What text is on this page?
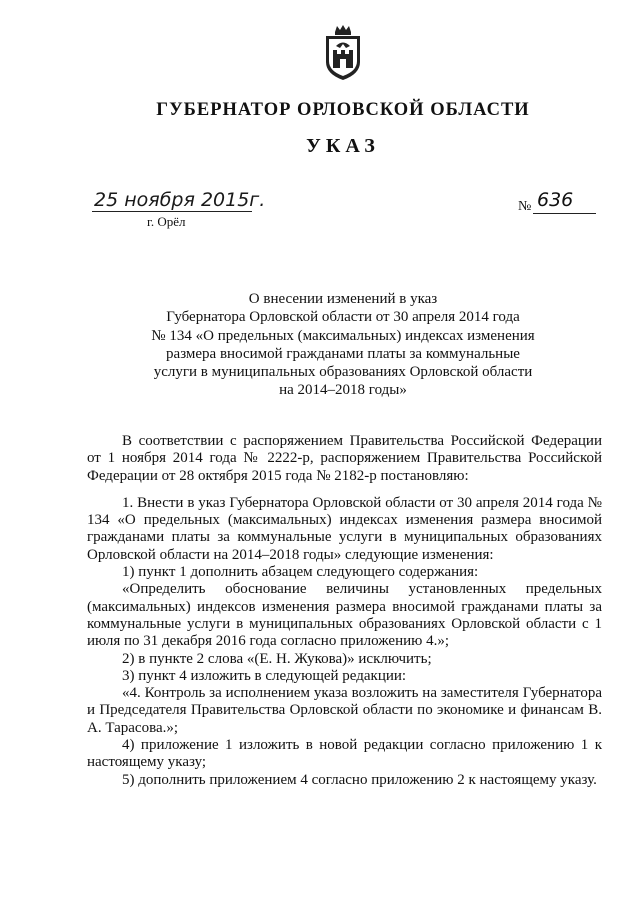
ГУБЕРНАТОР ОРЛОВСКОЙ ОБЛАСТИ
УКАЗ
25 ноября 2015г.
г. Орёл
№ 636
О внесении изменений в указ
Губернатора Орловской области от 30 апреля 2014 года
№ 134 «О предельных (максимальных) индексах изменения
размера вносимой гражданами платы за коммунальные
услуги в муниципальных образованиях Орловской области
на 2014–2018 годы»

В соответствии с распоряжением Правительства Российской Федерации от 1 ноября 2014 года № 2222-р, распоряжением Правительства Российской Федерации от 28 октября 2015 года № 2182-р постановляю:

1. Внести в указ Губернатора Орловской области от 30 апреля 2014 года № 134 «О предельных (максимальных) индексах изменения размера вносимой гражданами платы за коммунальные услуги в муниципальных образованиях Орловской области на 2014–2018 годы» следующие изменения:

1) пункт 1 дополнить абзацем следующего содержания:

«Определить обоснование величины установленных предельных (максимальных) индексов изменения размера вносимой гражданами платы за коммунальные услуги в муниципальных образованиях Орловской области с 1 июля по 31 декабря 2016 года согласно приложению 4.»;

2) в пункте 2 слова «(Е. Н. Жукова)» исключить;

3) пункт 4 изложить в следующей редакции:

«4. Контроль за исполнением указа возложить на заместителя Губернатора и Председателя Правительства Орловской области по экономике и финансам В. А. Тарасова.»;

4) приложение 1 изложить в новой редакции согласно приложению 1 к настоящему указу;

5) дополнить приложением 4 согласно приложению 2 к настоящему указу.
